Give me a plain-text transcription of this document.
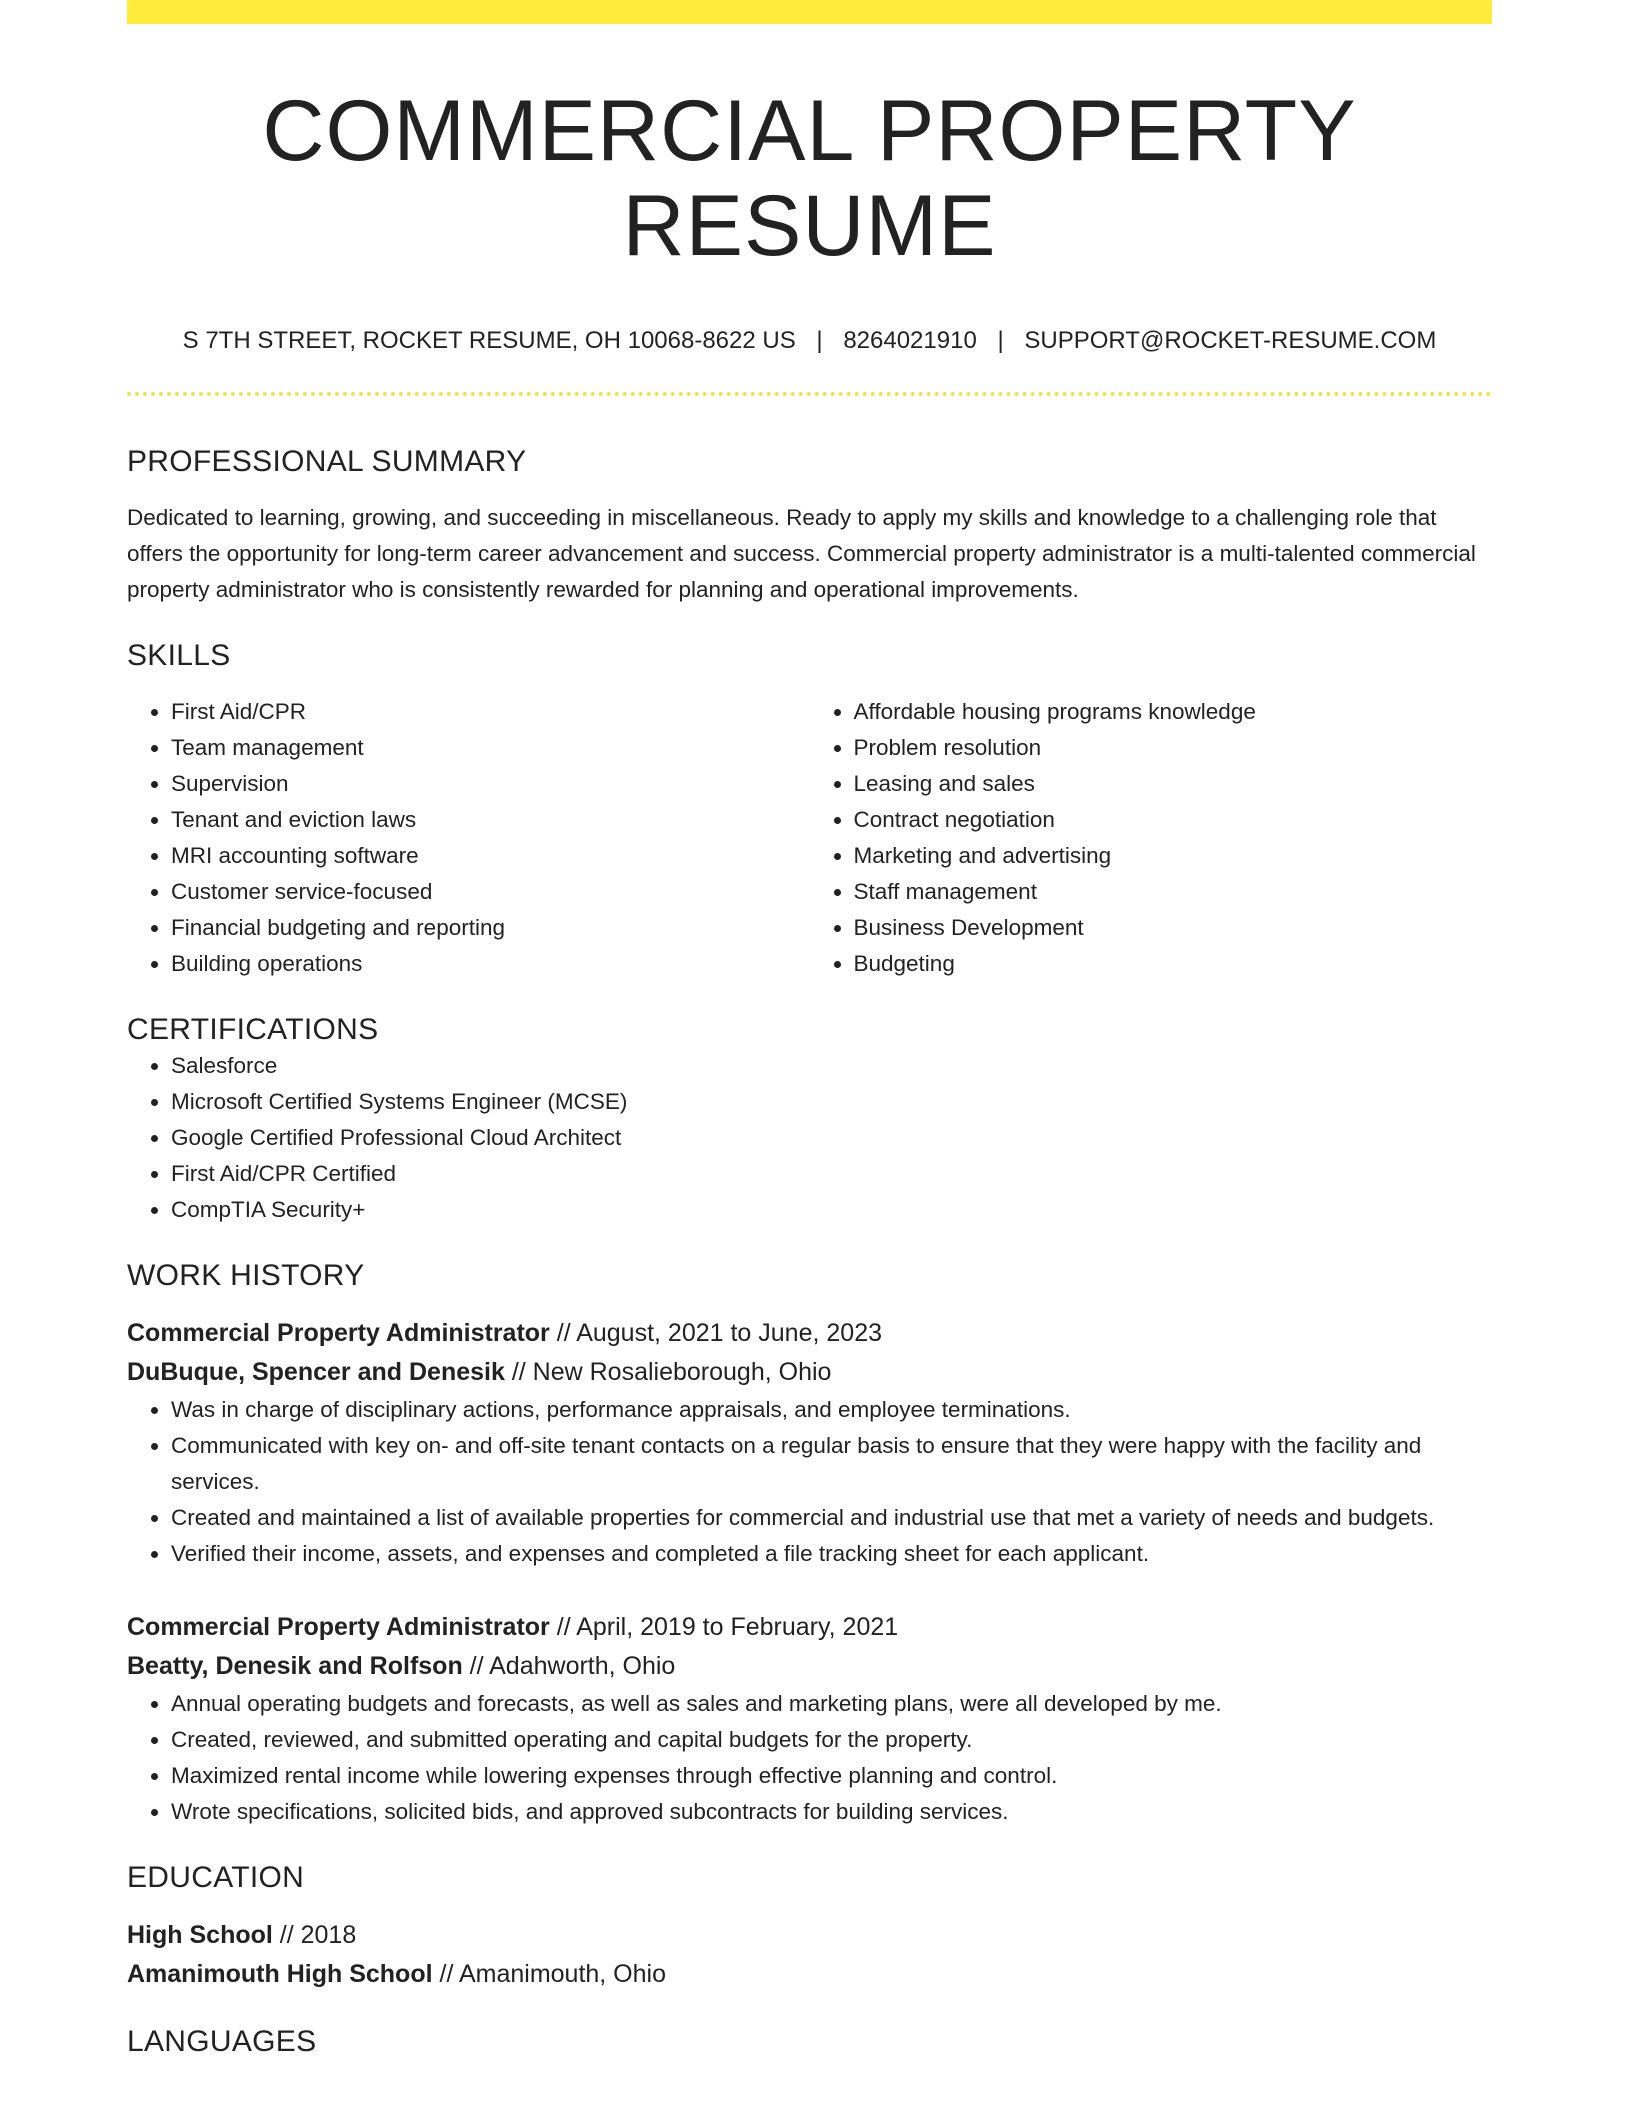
COMMERCIAL PROPERTY RESUME
S 7TH STREET, ROCKET RESUME, OH 10068-8622 US | 8264021910 | SUPPORT@ROCKET-RESUME.COM
PROFESSIONAL SUMMARY
Dedicated to learning, growing, and succeeding in miscellaneous. Ready to apply my skills and knowledge to a challenging role that offers the opportunity for long-term career advancement and success. Commercial property administrator is a multi-talented commercial property administrator who is consistently rewarded for planning and operational improvements.
SKILLS
• First Aid/CPR
• Team management
• Supervision
• Tenant and eviction laws
• MRI accounting software
• Customer service-focused
• Financial budgeting and reporting
• Building operations
• Affordable housing programs knowledge
• Problem resolution
• Leasing and sales
• Contract negotiation
• Marketing and advertising
• Staff management
• Business Development
• Budgeting
CERTIFICATIONS
• Salesforce
• Microsoft Certified Systems Engineer (MCSE)
• Google Certified Professional Cloud Architect
• First Aid/CPR Certified
• CompTIA Security+
WORK HISTORY
Commercial Property Administrator // August, 2021 to June, 2023
DuBuque, Spencer and Denesik // New Rosalieborough, Ohio
• Was in charge of disciplinary actions, performance appraisals, and employee terminations.
• Communicated with key on- and off-site tenant contacts on a regular basis to ensure that they were happy with the facility and services.
• Created and maintained a list of available properties for commercial and industrial use that met a variety of needs and budgets.
• Verified their income, assets, and expenses and completed a file tracking sheet for each applicant.
Commercial Property Administrator // April, 2019 to February, 2021
Beatty, Denesik and Rolfson // Adahworth, Ohio
• Annual operating budgets and forecasts, as well as sales and marketing plans, were all developed by me.
• Created, reviewed, and submitted operating and capital budgets for the property.
• Maximized rental income while lowering expenses through effective planning and control.
• Wrote specifications, solicited bids, and approved subcontracts for building services.
EDUCATION
High School // 2018
Amanimouth High School // Amanimouth, Ohio
LANGUAGES
